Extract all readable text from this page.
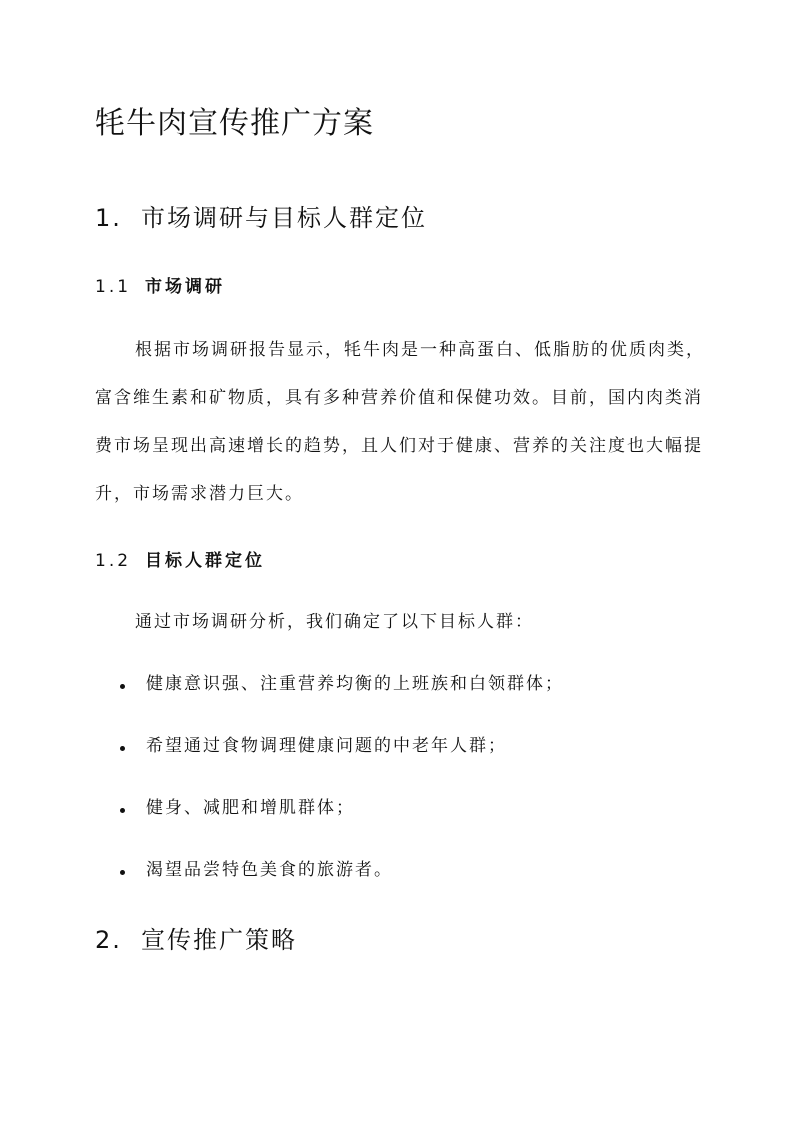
牦牛肉宣传推广方案
1. 市场调研与目标人群定位
1.1 市场调研

根据市场调研报告显示，牦牛肉是一种高蛋白、低脂肪的优质肉类，富含维生素和矿物质，具有多种营养价值和保健功效。目前，国内肉类消费市场呈现出高速增长的趋势，且人们对于健康、营养的关注度也大幅提升，市场需求潜力巨大。

1.2 目标人群定位

通过市场调研分析，我们确定了以下目标人群：

健康意识强、注重营养均衡的上班族和白领群体；
希望通过食物调理健康问题的中老年人群；
健身、减肥和增肌群体；
渴望品尝特色美食的旅游者。
2. 宣传推广策略
